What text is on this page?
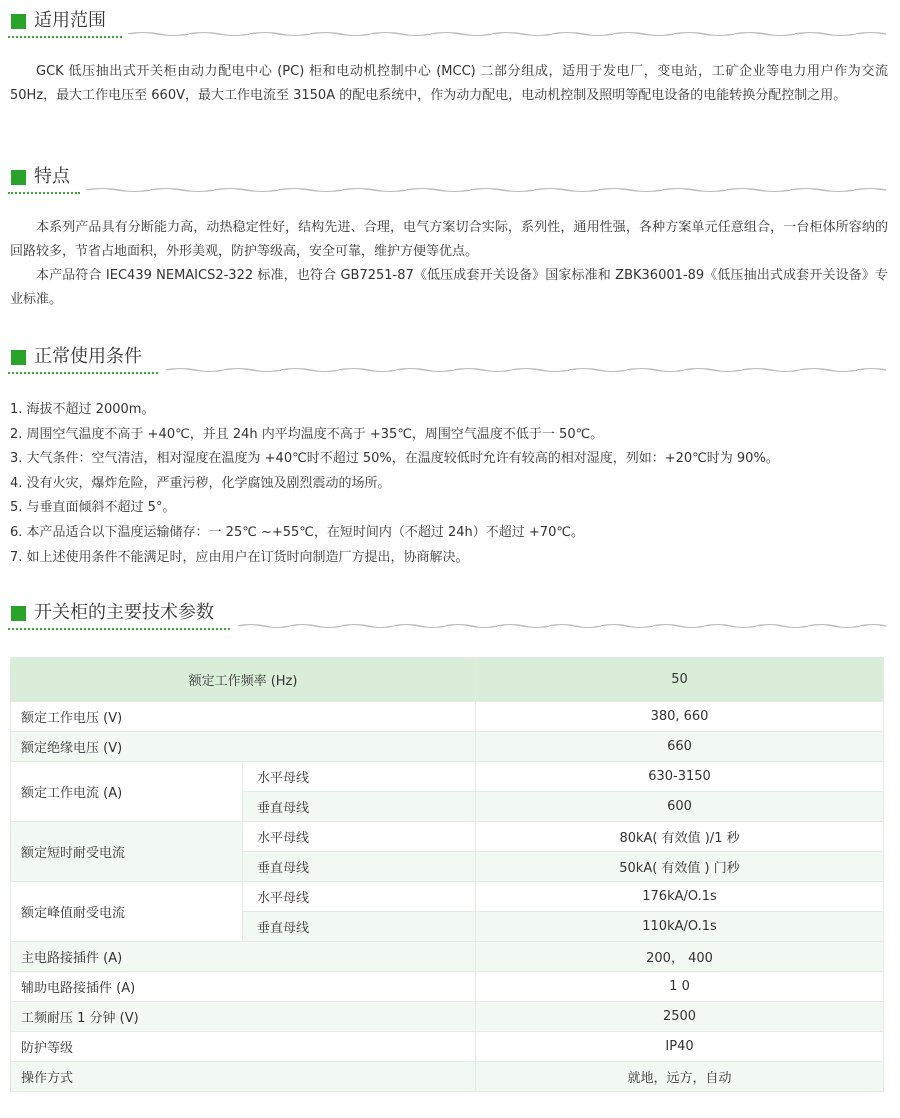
适用范围

GCK 低压抽出式开关柜由动力配电中心 (PC) 柜和电动机控制中心 (MCC) 二部分组成，适用于发电厂，变电站，工矿企业等电力用户作为交流 50Hz，最大工作电压至 660V，最大工作电流至 3150A 的配电系统中，作为动力配电，电动机控制及照明等配电设备的电能转换分配控制之用。

特点

本系列产品具有分断能力高，动热稳定性好，结构先进、合理，电气方案切合实际，系列性，通用性强，各种方案单元任意组合，一台柜体所容纳的回路较多，节省占地面积，外形美观，防护等级高，安全可靠，维护方便等优点。

本产品符合 IEC439 NEMAICS2-322 标准，也符合 GB7251-87《低压成套开关设备》国家标准和 ZBK36001-89《低压抽出式成套开关设备》专业标准。

正常使用条件
1. 海拔不超过 2000m。
2. 周围空气温度不高于 +40℃，并且 24h 内平均温度不高于 +35℃，周围空气温度不低于一 50℃。
3. 大气条件：空气清洁，相对湿度在温度为 +40℃时不超过 50%，在温度较低时允许有较高的相对湿度，列如：+20℃时为 90%。
4. 没有火灾，爆炸危险，严重污秽，化学腐蚀及剧烈震动的场所。
5. 与垂直面倾斜不超过 5°。
6. 本产品适合以下温度运输储存：一 25℃ ~+55℃，在短时间内（不超过 24h）不超过 +70℃。
7. 如上述使用条件不能满足时，应由用户在订货时向制造厂方提出，协商解决。
开关柜的主要技术参数
额定工作频率 (Hz)		50
额定工作电压 (V)		380, 660
额定绝缘电压 (V)		660
额定工作电流 (A)	水平母线	630-3150
	垂直母线	600
额定短时耐受电流	水平母线	80kA( 有效值 )/1 秒
	垂直母线	50kA( 有效值 ) 门秒
额定峰值耐受电流	水平母线	176kA/O.1s
	垂直母线	110kA/O.1s
主电路接插件 (A)		200， 400
辅助电路接插件 (A)		1 0
工频耐压 1 分钟 (V)		2500
防护等级		IP40
操作方式		就地，远方，自动
